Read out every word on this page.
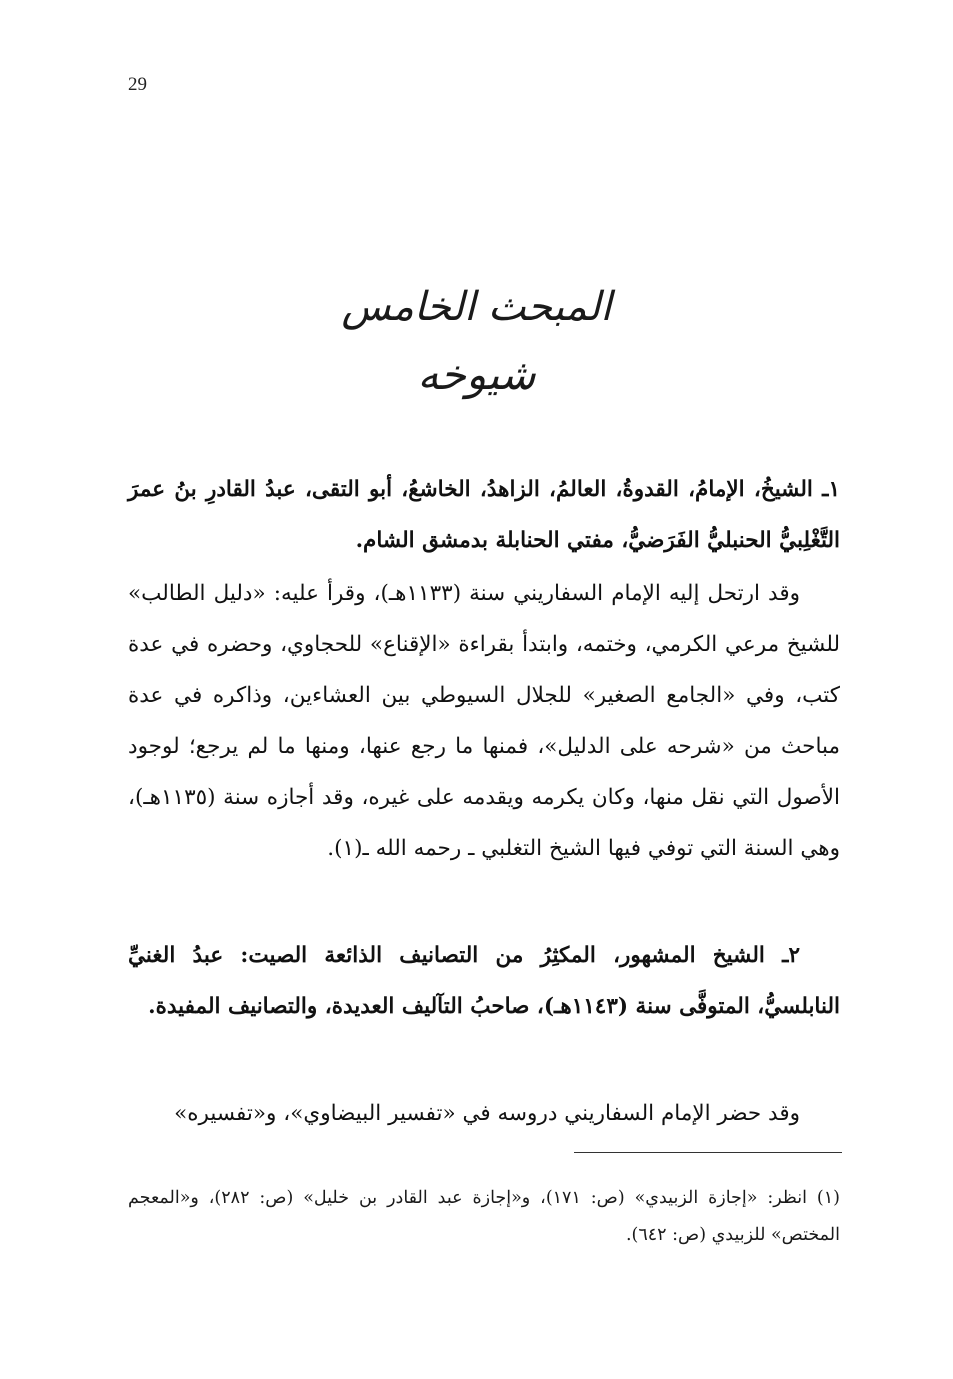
29
المبحث الخامس
شيوخه

١ـ الشيخُ، الإمامُ، القدوةُ، العالمُ، الزاهدُ، الخاشعُ، أبو التقى، عبدُ القادرِ بنُ عمرَ التَّغْلِبيُّ الحنبليُّ الفَرَضيُّ، مفتي الحنابلة بدمشق الشام.

وقد ارتحل إليه الإمام السفاريني سنة (١١٣٣هـ)، وقرأ عليه: «دليل الطالب» للشيخ مرعي الكرمي، وختمه، وابتدأ بقراءة «الإقناع» للحجاوي، وحضره في عدة كتب، وفي «الجامع الصغير» للجلال السيوطي بين العشاءين، وذاكره في عدة مباحث من «شرحه على الدليل»، فمنها ما رجع عنها، ومنها ما لم يرجع؛ لوجود الأصول التي نقل منها، وكان يكرمه ويقدمه على غيره، وقد أجازه سنة (١١٣٥هـ)، وهي السنة التي توفي فيها الشيخ التغلبي ـ رحمه الله ـ(١).

٢ـ الشيخ المشهور، المكثِرُ من التصانيف الذائعة الصيت: عبدُ الغنيِّ النابلسيُّ، المتوفَّى سنة (١١٤٣هـ)، صاحبُ التآليف العديدة، والتصانيف المفيدة.

وقد حضر الإمام السفاريني دروسه في «تفسير البيضاوي»، و«تفسيره»

(١) انظر: «إجازة الزبيدي» (ص: ١٧١)، و«إجازة عبد القادر بن خليل» (ص: ٢٨٢)، و«المعجم المختص» للزبيدي (ص: ٦٤٢).
